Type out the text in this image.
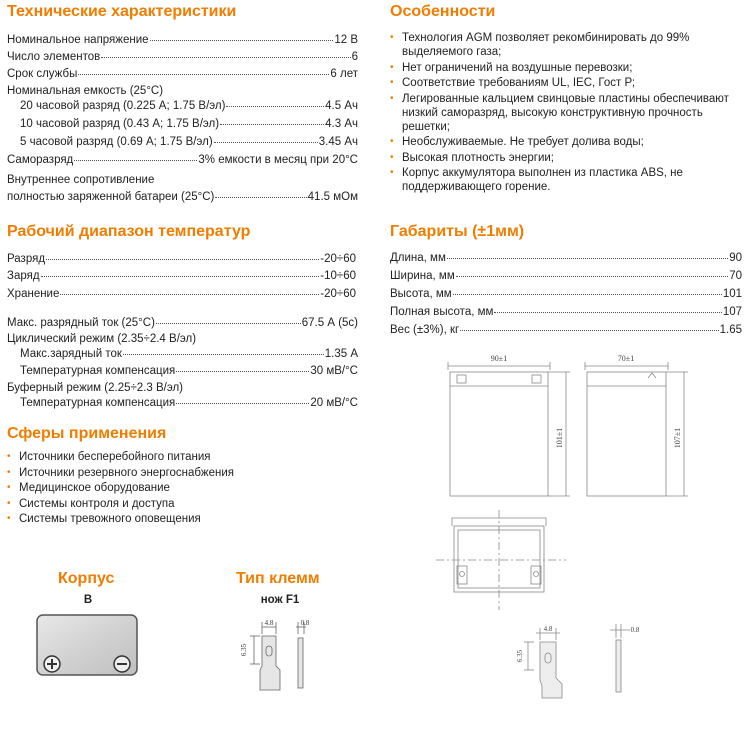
Технические характеристики
Номинальное напряжение	12 В
Число элементов	6
Срок службы	6 лет
Номинальная емкость (25°С)
20 часовой разряд (0.225 А; 1.75 В/эл)	4.5 Ач
10 часовой разряд (0.43 А; 1.75 В/эл)	4.3 Ач
5 часовой разряд (0.69 А; 1.75 В/эл)	3.45 Ач
Саморазряд	3% емкости в месяц при 20°С
Внутреннее сопротивление
полностью заряженной батареи (25°С)	41.5 мОм
Рабочий диапазон температур
Разряд	-20÷60
Заряд	-10÷60
Хранение	-20÷60
Макс. разрядный ток (25°С)	67.5 А (5с)
Циклический режим (2.35÷2.4 В/эл)
Макс.зарядный ток	1.35 А
Температурная компенсация	30 мВ/°С
Буферный режим (2.25÷2.3 В/эл)
Температурная компенсация	20 мВ/°С
Сферы применения
• Источники бесперебойного питания
• Источники резервного энергоснабжения
• Медицинское оборудование
• Системы контроля и доступа
• Системы тревожного оповещения
Корпус
B
Тип клемм
нож F1
4.8	0.8
6.35
Особенности
• Технология AGM позволяет рекомбинировать до 99% выделяемого газа;
• Нет ограничений на воздушные перевозки;
• Соответствие требованиям UL, IEC, Гост Р;
• Легированные кальцием свинцовые пластины обеспечивают низкий саморазряд, высокую конструктивную прочность решетки;
• Необслуживаемые. Не требует долива воды;
• Высокая плотность энергии;
• Корпус аккумулятора выполнен из пластика ABS, не поддерживающего горение.
Габариты (±1мм)
Длина, мм	90
Ширина, мм	70
Высота, мм	101
Полная высота, мм	107
Вес (±3%), кг	1.65
90±1	70±1
101±1	107±1
4.8	0.8
6.35
